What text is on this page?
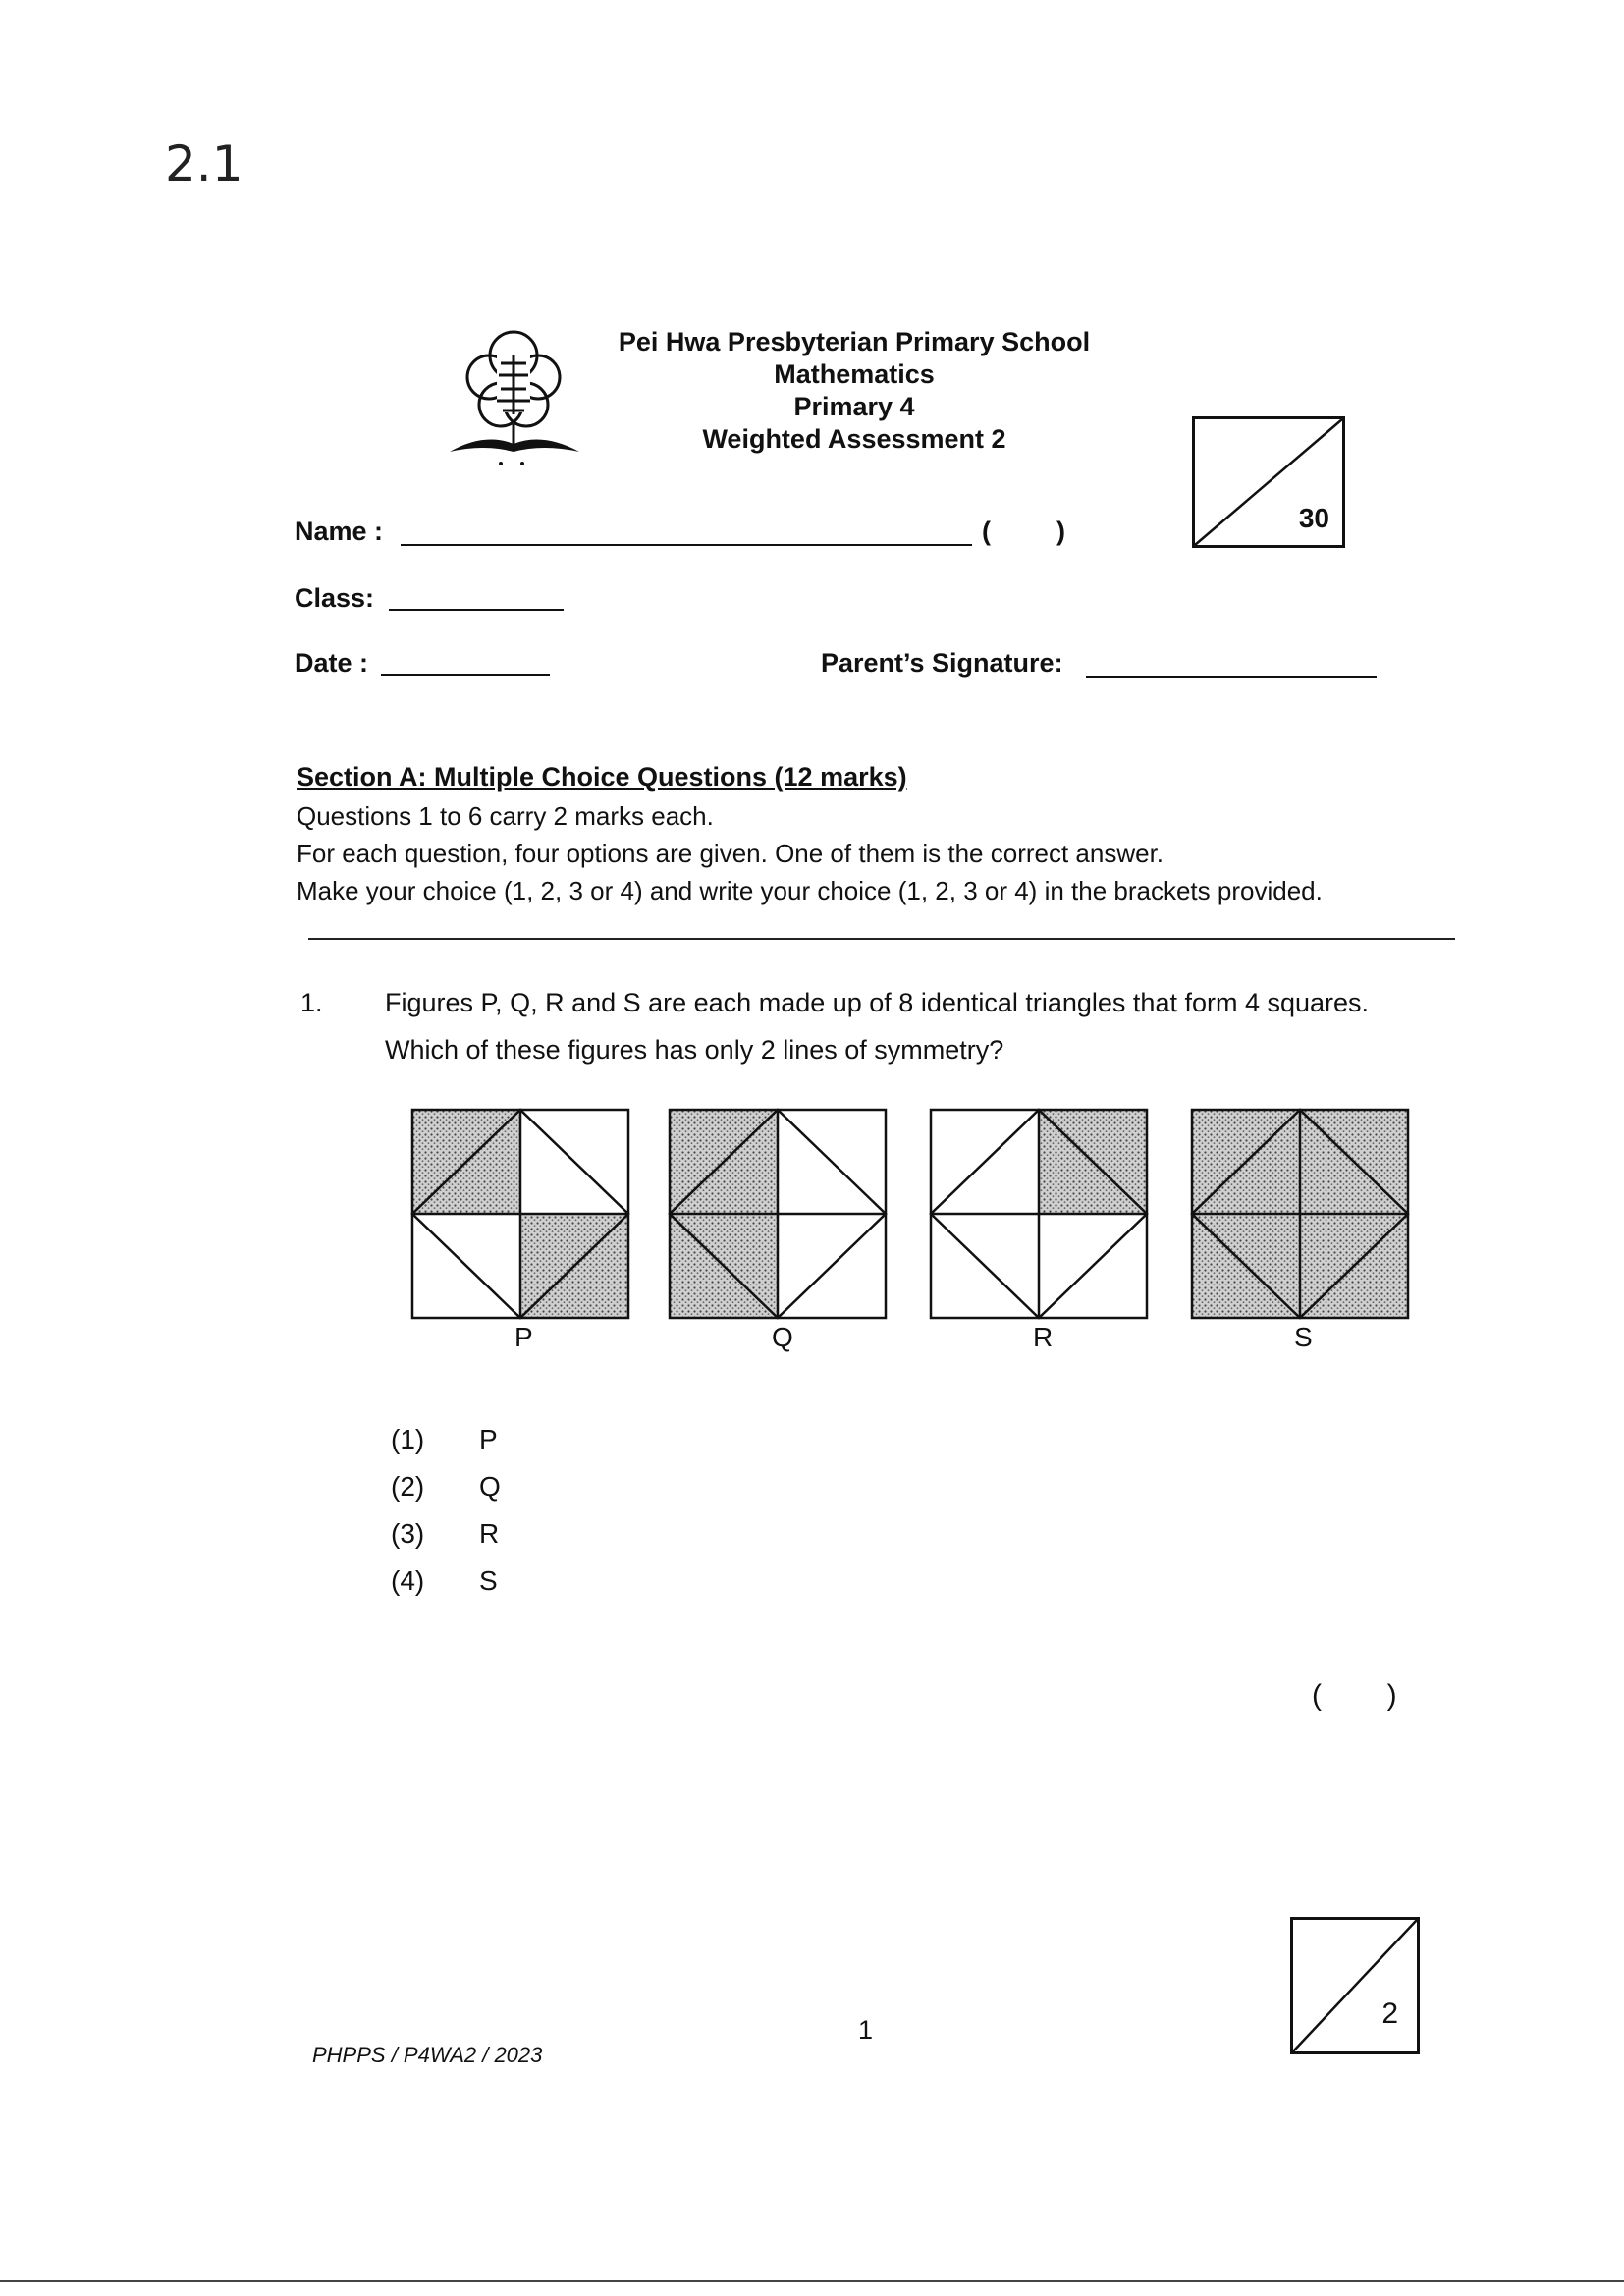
2.1
Pei Hwa Presbyterian Primary School
Mathematics
Primary 4
Weighted Assessment 2
30
Name :	( )
Class:
Date :	Parent’s Signature:
Section A: Multiple Choice Questions (12 marks)
Questions 1 to 6 carry 2 marks each.
For each question, four options are given. One of them is the correct answer.
Make your choice (1, 2, 3 or 4) and write your choice (1, 2, 3 or 4) in the brackets provided.
1. Figures P, Q, R and S are each made up of 8 identical triangles that form 4 squares.
Which of these figures has only 2 lines of symmetry?
P	Q	R	S
(1) P
(2) Q
(3) R
(4) S
(        )
2
1
PHPPS / P4WA2 / 2023
